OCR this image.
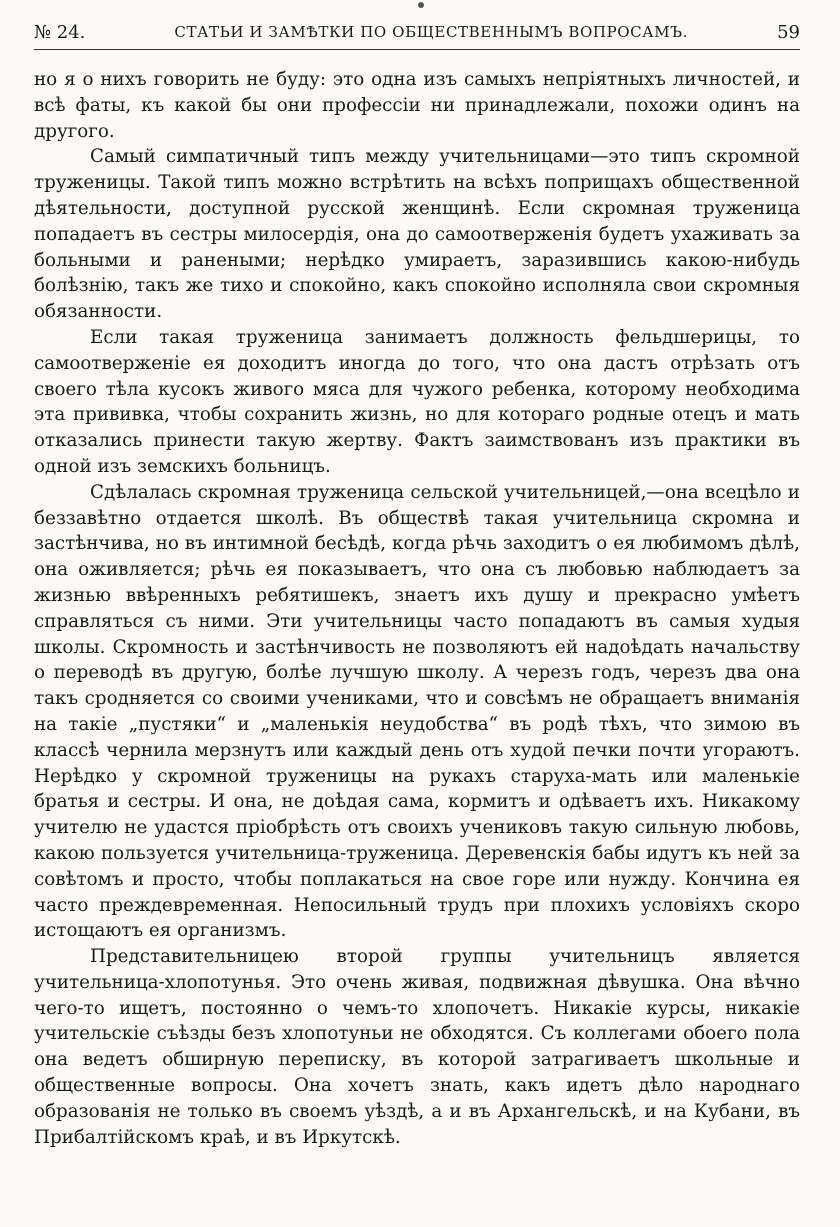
№ 24.	СТАТЬИ И ЗАМѢТКИ ПО ОБЩЕСТВЕННЫМЪ ВОПРОСАМЪ.	59

но я о нихъ говорить не буду: это одна изъ самыхъ непріятныхъ личностей, и всѣ фаты, къ какой бы они профессіи ни принадлежали, похожи одинъ на другого.

Самый симпатичный типъ между учительницами—это типъ скромной труженицы. Такой типъ можно встрѣтить на всѣхъ поприщахъ общественной дѣятельности, доступной русской женщинѣ. Если скромная труженица попадаетъ въ сестры милосердія, она до самоотверженія будетъ ухаживать за больными и ранеными; нерѣдко умираетъ, заразившись какою-нибудь болѣзнію, такъ же тихо и спокойно, какъ спокойно исполняла свои скромныя обязанности.

Если такая труженица занимаетъ должность фельдшерицы, то самоотверженіе ея доходитъ иногда до того, что она дастъ отрѣзать отъ своего тѣла кусокъ живого мяса для чужого ребенка, которому необходима эта прививка, чтобы сохранить жизнь, но для котораго родные отецъ и мать отказались принести такую жертву. Фактъ заимствованъ изъ практики въ одной изъ земскихъ больницъ.

Сдѣлалась скромная труженица сельской учительницей,—она всецѣло и беззавѣтно отдается школѣ. Въ обществѣ такая учительница скромна и застѣнчива, но въ интимной бесѣдѣ, когда рѣчь заходитъ о ея любимомъ дѣлѣ, она оживляется; рѣчь ея показываетъ, что она съ любовью наблюдаетъ за жизнью ввѣренныхъ ребятишекъ, знаетъ ихъ душу и прекрасно умѣетъ справляться съ ними. Эти учительницы часто попадаютъ въ самыя худыя школы. Скромность и застѣнчивость не позволяютъ ей надоѣдать начальству о переводѣ въ другую, болѣе лучшую школу. А черезъ годъ, черезъ два она такъ сродняется со своими учениками, что и совсѣмъ не обращаетъ вниманія на такіе „пустяки“ и „маленькія неудобства“ въ родѣ тѣхъ, что зимою въ классѣ чернила мерзнутъ или каждый день отъ худой печки почти угораютъ. Нерѣдко у скромной труженицы на рукахъ старуха-мать или маленькіе братья и сестры. И она, не доѣдая сама, кормитъ и одѣваетъ ихъ. Никакому учителю не удастся пріобрѣсть отъ своихъ учениковъ такую сильную любовь, какою пользуется учительница-труженица. Деревенскія бабы идутъ къ ней за совѣтомъ и просто, чтобы поплакаться на свое горе или нужду. Кончина ея часто преждевременная. Непосильный трудъ при плохихъ условіяхъ скоро истощаютъ ея организмъ.

Представительницею второй группы учительницъ является учительница-хлопотунья. Это очень живая, подвижная дѣвушка. Она вѣчно чего-то ищетъ, постоянно о чемъ-то хлопочетъ. Никакіе курсы, никакіе учительскіе съѣзды безъ хлопотуньи не обходятся. Съ коллегами обоего пола она ведетъ обширную переписку, въ которой затрагиваетъ школьные и общественные вопросы. Она хочетъ знать, какъ идетъ дѣло народнаго образованія не только въ своемъ уѣздѣ, а и въ Архангельскѣ, и на Кубани, въ Прибалтійскомъ краѣ, и въ Иркутскѣ.
